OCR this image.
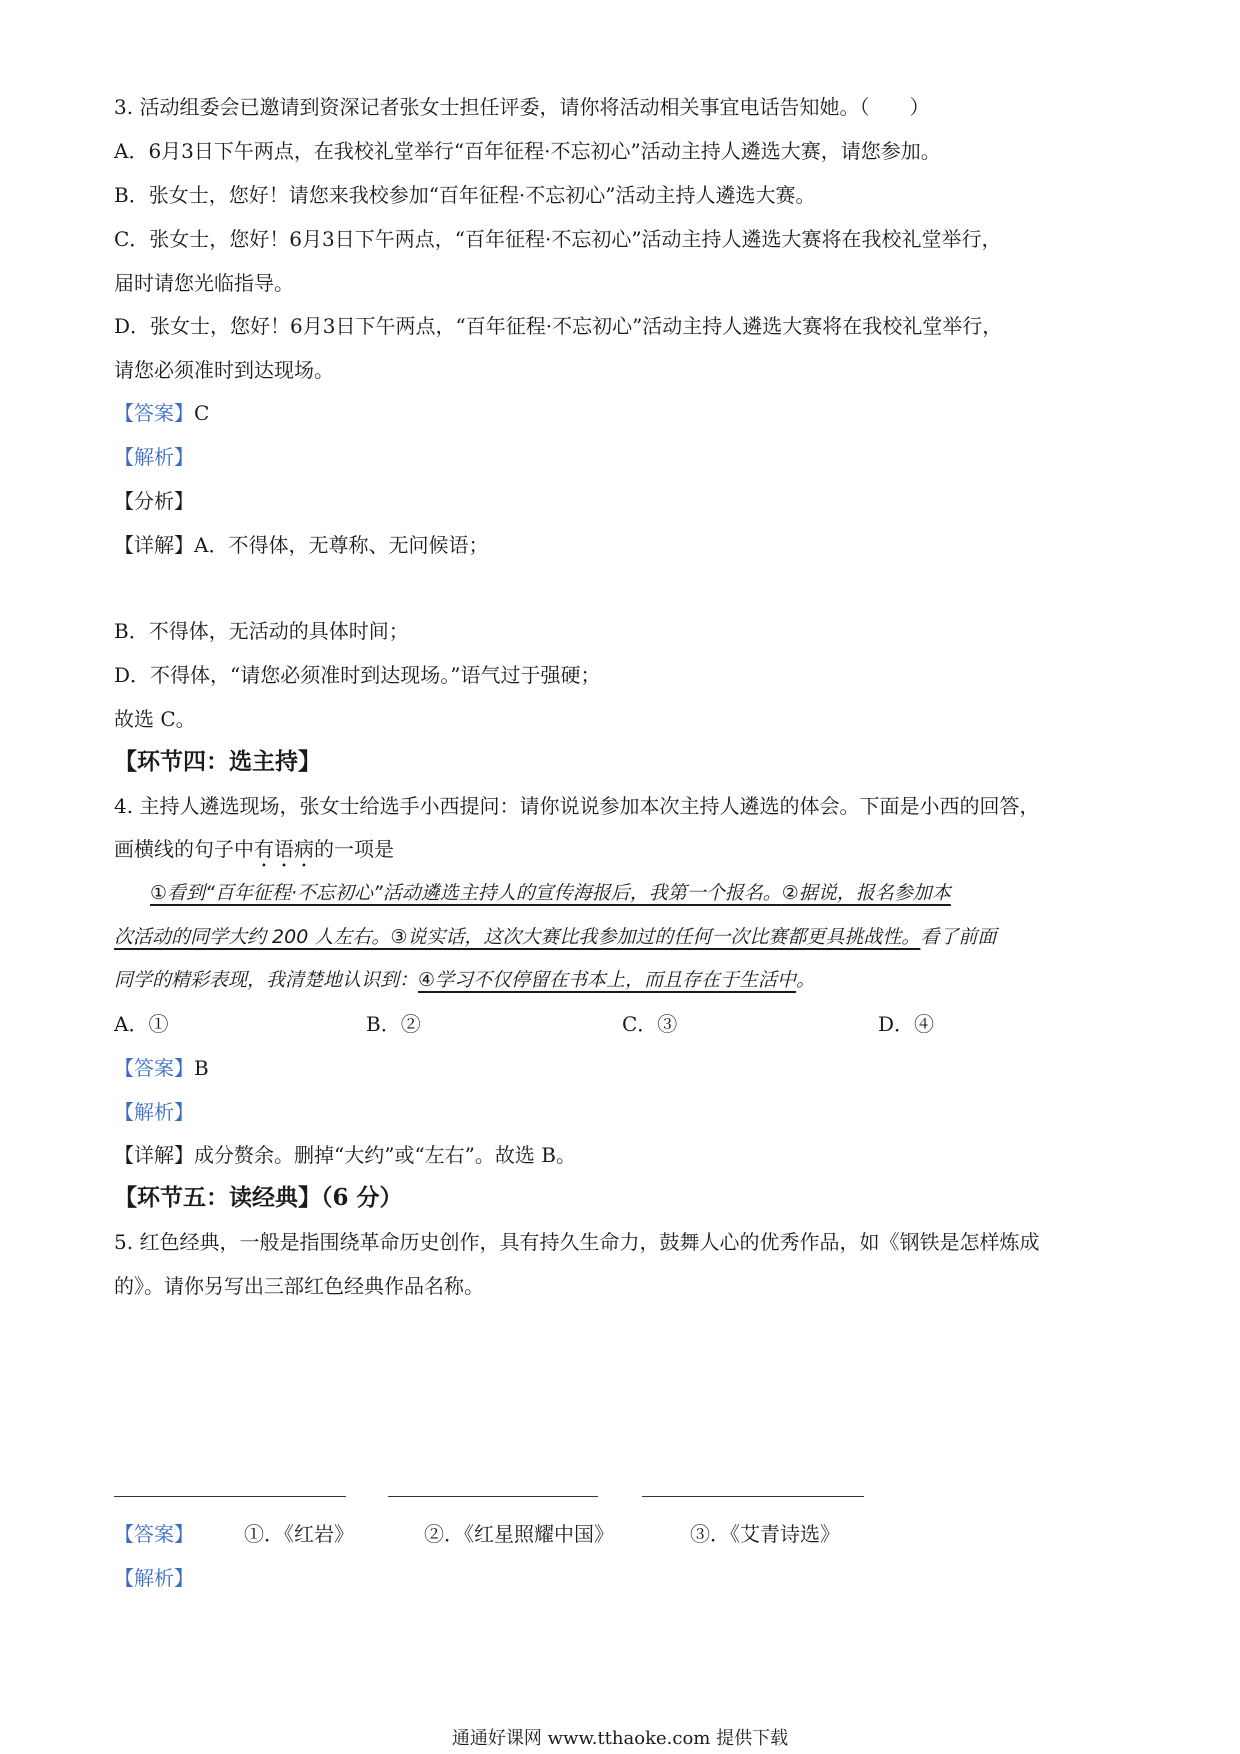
3. 活动组委会已邀请到资深记者张女士担任评委，请你将活动相关事宜电话告知她。（　　）
A．6月3日下午两点，在我校礼堂举行“百年征程·不忘初心”活动主持人遴选大赛，请您参加。
B．张女士，您好！请您来我校参加“百年征程·不忘初心”活动主持人遴选大赛。
C．张女士，您好！6月3日下午两点，“百年征程·不忘初心”活动主持人遴选大赛将在我校礼堂举行，
届时请您光临指导。
D．张女士，您好！6月3日下午两点，“百年征程·不忘初心”活动主持人遴选大赛将在我校礼堂举行，
请您必须准时到达现场。
【答案】C
【解析】
【分析】
【详解】A．不得体，无尊称、无问候语；
B．不得体，无活动的具体时间；
D．不得体，“请您必须准时到达现场。”语气过于强硬；
故选 C。
【环节四：选主持】
4. 主持人遴选现场，张女士给选手小西提问：请你说说参加本次主持人遴选的体会。下面是小西的回答，
画横线的句子中有语病的一项是
①看到“百年征程·不忘初心”活动遴选主持人的宣传海报后，我第一个报名。②据说，报名参加本
次活动的同学大约 200 人左右。③说实话，这次大赛比我参加过的任何一次比赛都更具挑战性。看了前面
同学的精彩表现，我清楚地认识到：④学习不仅停留在书本上，而且存在于生活中。
A．①	B．②	C．③	D．④
【答案】B
【解析】
【详解】成分赘余。删掉“大约”或“左右”。故选 B。
【环节五：读经典】（6 分）
5. 红色经典，一般是指围绕革命历史创作，具有持久生命力，鼓舞人心的优秀作品，如《钢铁是怎样炼成
的》。请你另写出三部红色经典作品名称。
【答案】	①．《红岩》	②．《红星照耀中国》	③．《艾青诗选》
【解析】
通通好课网 www.tthaoke.com 提供下载
